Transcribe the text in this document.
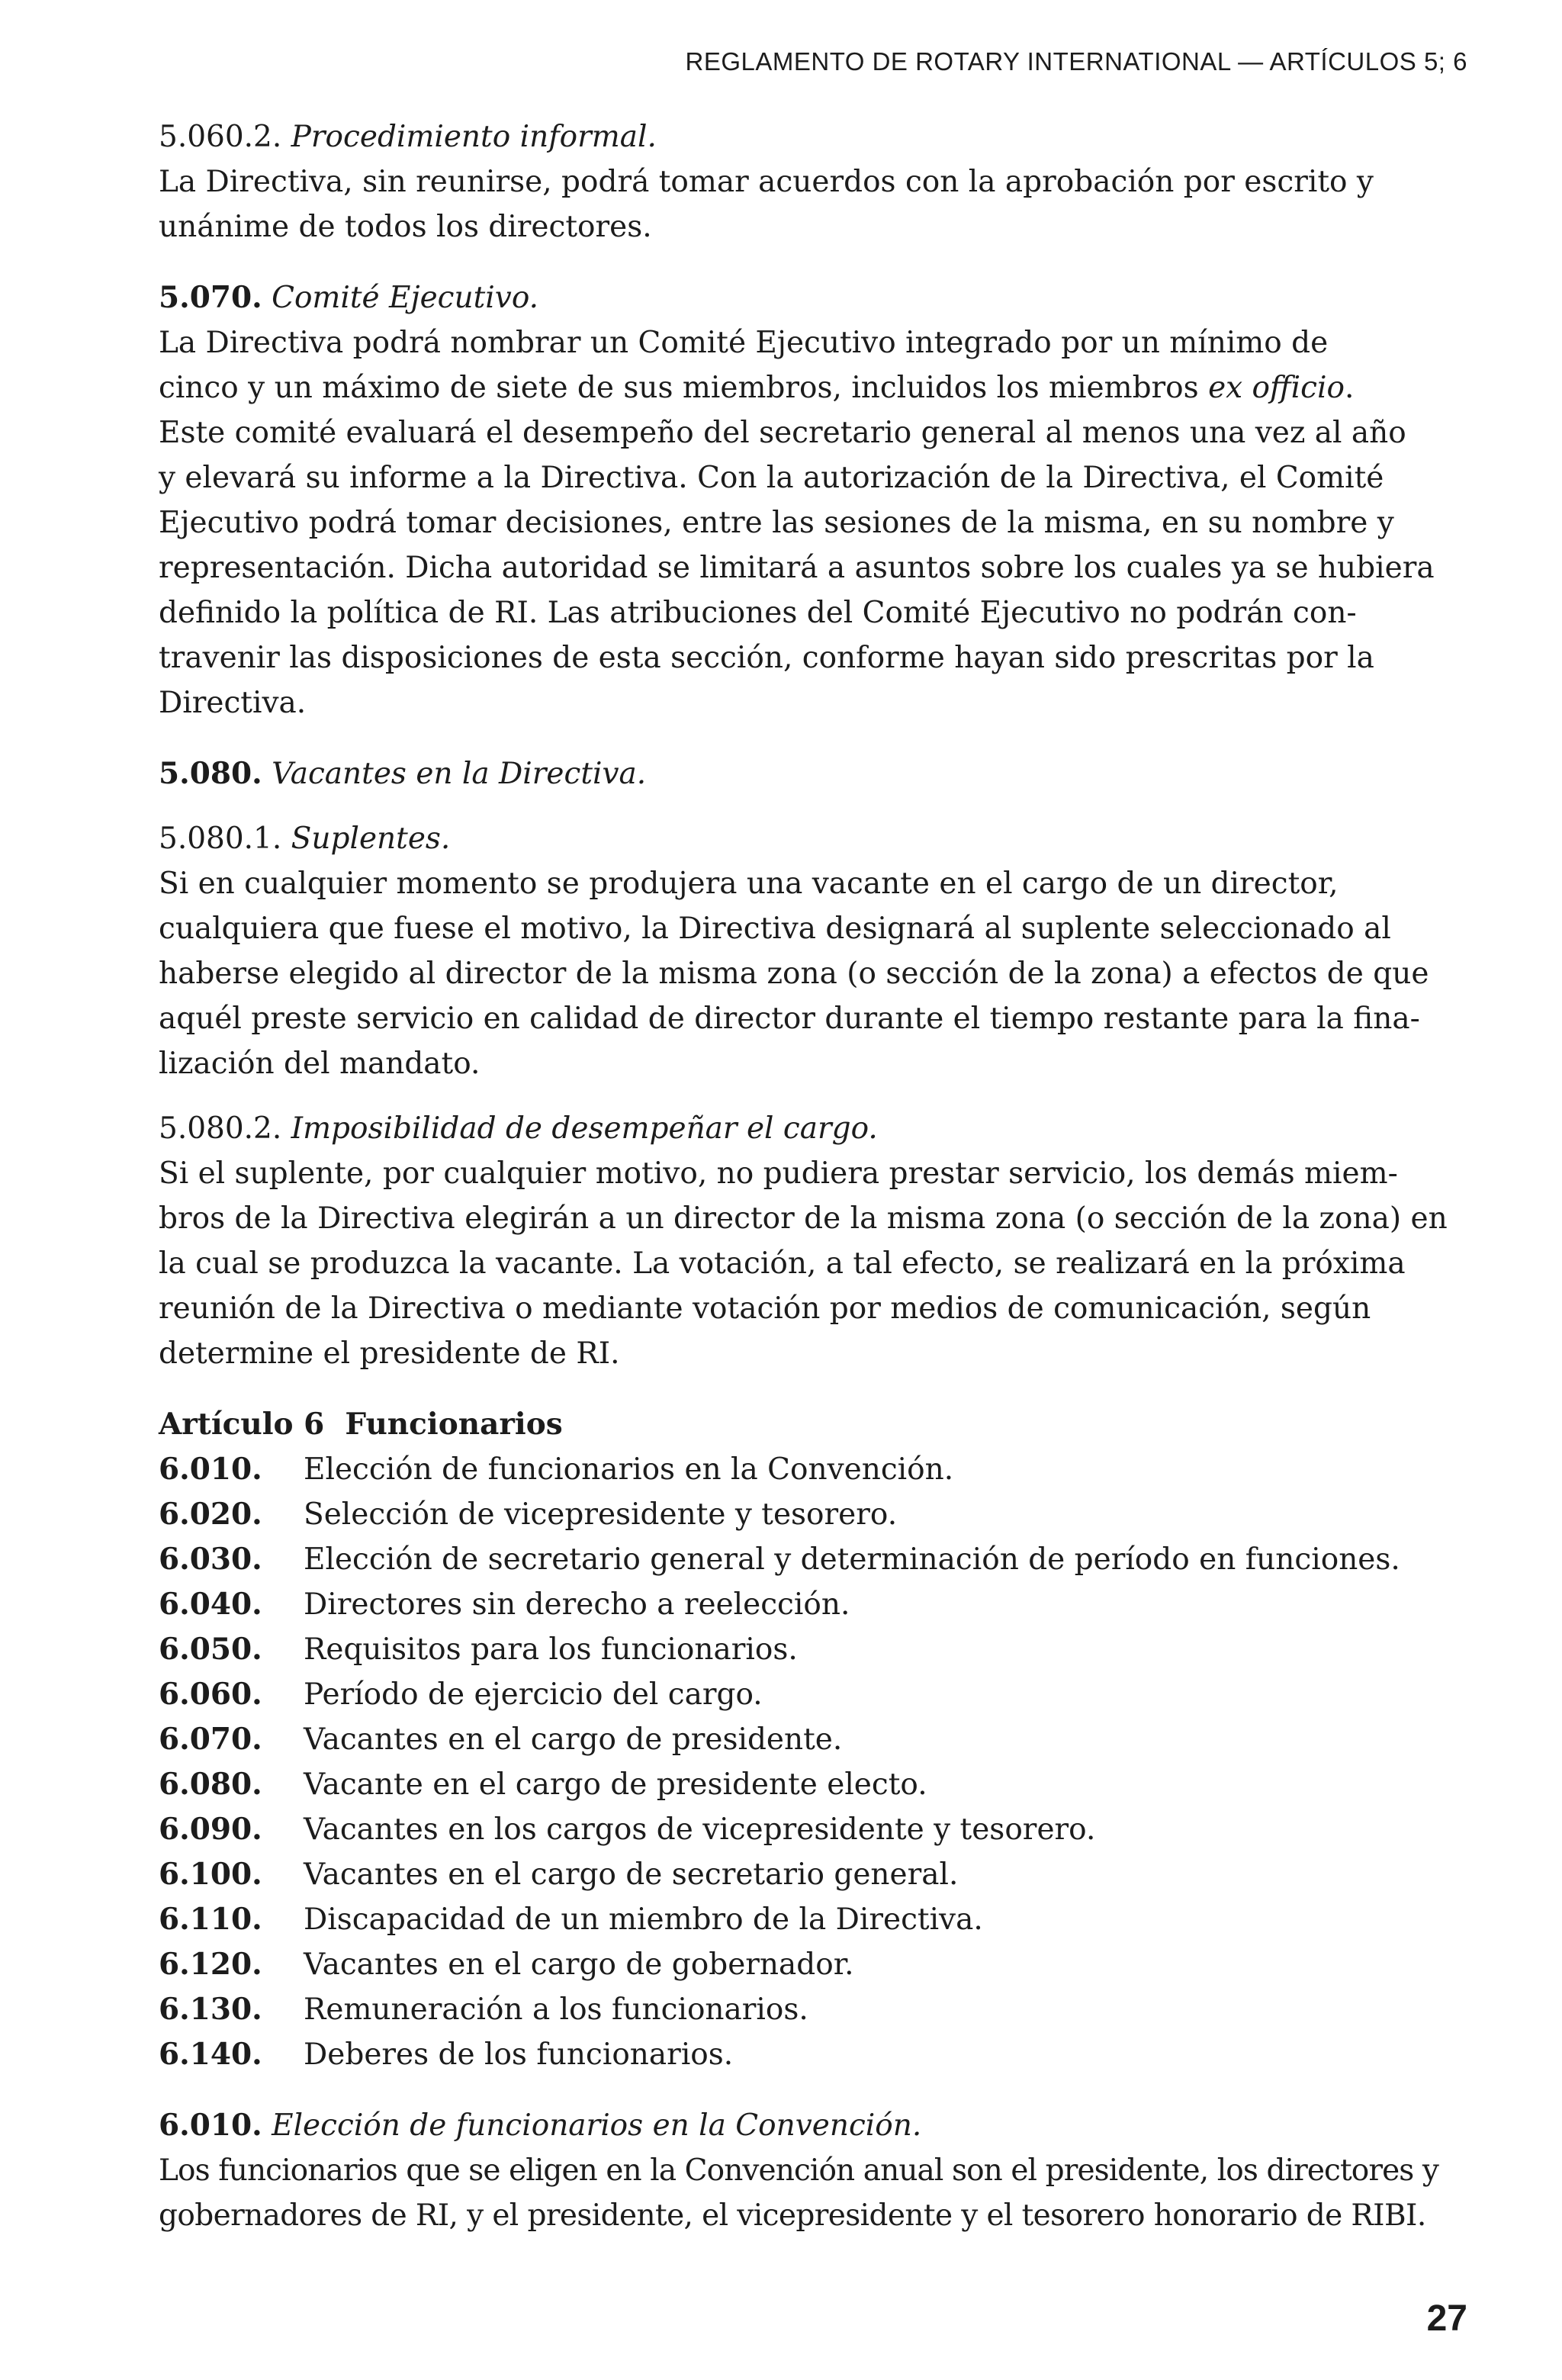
REGLAMENTO DE ROTARY INTERNATIONAL — ARTÍCULOS 5; 6

5.060.2. Procedimiento informal.

La Directiva, sin reunirse, podrá tomar acuerdos con la aprobación por escrito y

unánime de todos los directores.

5.070. Comité Ejecutivo.

La Directiva podrá nombrar un Comité Ejecutivo integrado por un mínimo de

cinco y un máximo de siete de sus miembros, incluidos los miembros ex officio.

Este comité evaluará el desempeño del secretario general al menos una vez al año

y elevará su informe a la Directiva. Con la autorización de la Directiva, el Comité

Ejecutivo podrá tomar decisiones, entre las sesiones de la misma, en su nombre y

representación. Dicha autoridad se limitará a asuntos sobre los cuales ya se hubiera

definido la política de RI. Las atribuciones del Comité Ejecutivo no podrán con-

travenir las disposiciones de esta sección, conforme hayan sido prescritas por la

Directiva.

5.080. Vacantes en la Directiva.

5.080.1. Suplentes.

Si en cualquier momento se produjera una vacante en el cargo de un director,

cualquiera que fuese el motivo, la Directiva designará al suplente seleccionado al

haberse elegido al director de la misma zona (o sección de la zona) a efectos de que

aquél preste servicio en calidad de director durante el tiempo restante para la fina-

lización del mandato.

5.080.2. Imposibilidad de desempeñar el cargo.

Si el suplente, por cualquier motivo, no pudiera prestar servicio, los demás miem-

bros de la Directiva elegirán a un director de la misma zona (o sección de la zona) en

la cual se produzca la vacante. La votación, a tal efecto, se realizará en la próxima

reunión de la Directiva o mediante votación por medios de comunicación, según

determine el presidente de RI.

Artículo 6  Funcionarios

6.010.	Elección de funcionarios en la Convención.
6.020.	Selección de vicepresidente y tesorero.
6.030.	Elección de secretario general y determinación de período en funciones.
6.040.	Directores sin derecho a reelección.
6.050.	Requisitos para los funcionarios.
6.060.	Período de ejercicio del cargo.
6.070.	Vacantes en el cargo de presidente.
6.080.	Vacante en el cargo de presidente electo.
6.090.	Vacantes en los cargos de vicepresidente y tesorero.
6.100.	Vacantes en el cargo de secretario general.
6.110.	Discapacidad de un miembro de la Directiva.
6.120.	Vacantes en el cargo de gobernador.
6.130.	Remuneración a los funcionarios.
6.140.	Deberes de los funcionarios.

6.010. Elección de funcionarios en la Convención.

Los funcionarios que se eligen en la Convención anual son el presidente, los directores y

gobernadores de RI, y el presidente, el vicepresidente y el tesorero honorario de RIBI.

27
